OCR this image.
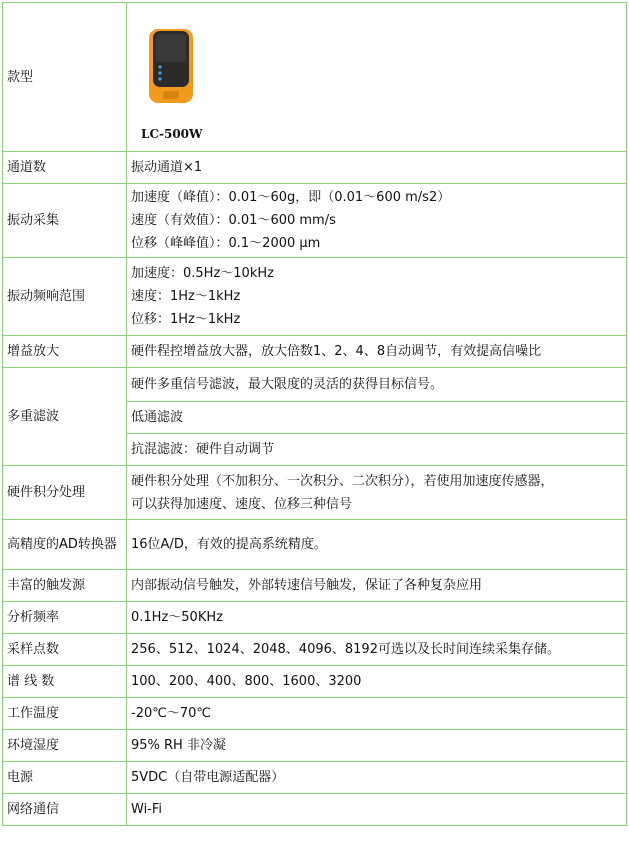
款型	LC-500W

通道数	振动通道×1

振动采集	加速度（峰值）：0.01～60g，即（0.01～600 m/s2）
速度（有效值）：0.01～600 mm/s
位移（峰峰值）：0.1～2000 μm

振动频响范围	加速度：0.5Hz～10kHz
速度：1Hz～1kHz
位移：1Hz～1kHz

增益放大	硬件程控增益放大器，放大倍数1、2、4、8自动调节，有效提高信噪比

多重滤波	硬件多重信号滤波，最大限度的灵活的获得目标信号。

	低通滤波

	抗混滤波：硬件自动调节

硬件积分处理	硬件积分处理（不加积分、一次积分、二次积分），若使用加速度传感器，
可以获得加速度、速度、位移三种信号

高精度的AD转换器	16位A/D，有效的提高系统精度。

丰富的触发源	内部振动信号触发，外部转速信号触发，保证了各种复杂应用

分析频率	0.1Hz～50KHz

采样点数	256、512、1024、2048、4096、8192可选以及长时间连续采集存储。

谱 线 数	100、200、400、800、1600、3200

工作温度	-20℃～70℃

环境湿度	95% RH 非冷凝

电源	5VDC（自带电源适配器）

网络通信	Wi-Fi
